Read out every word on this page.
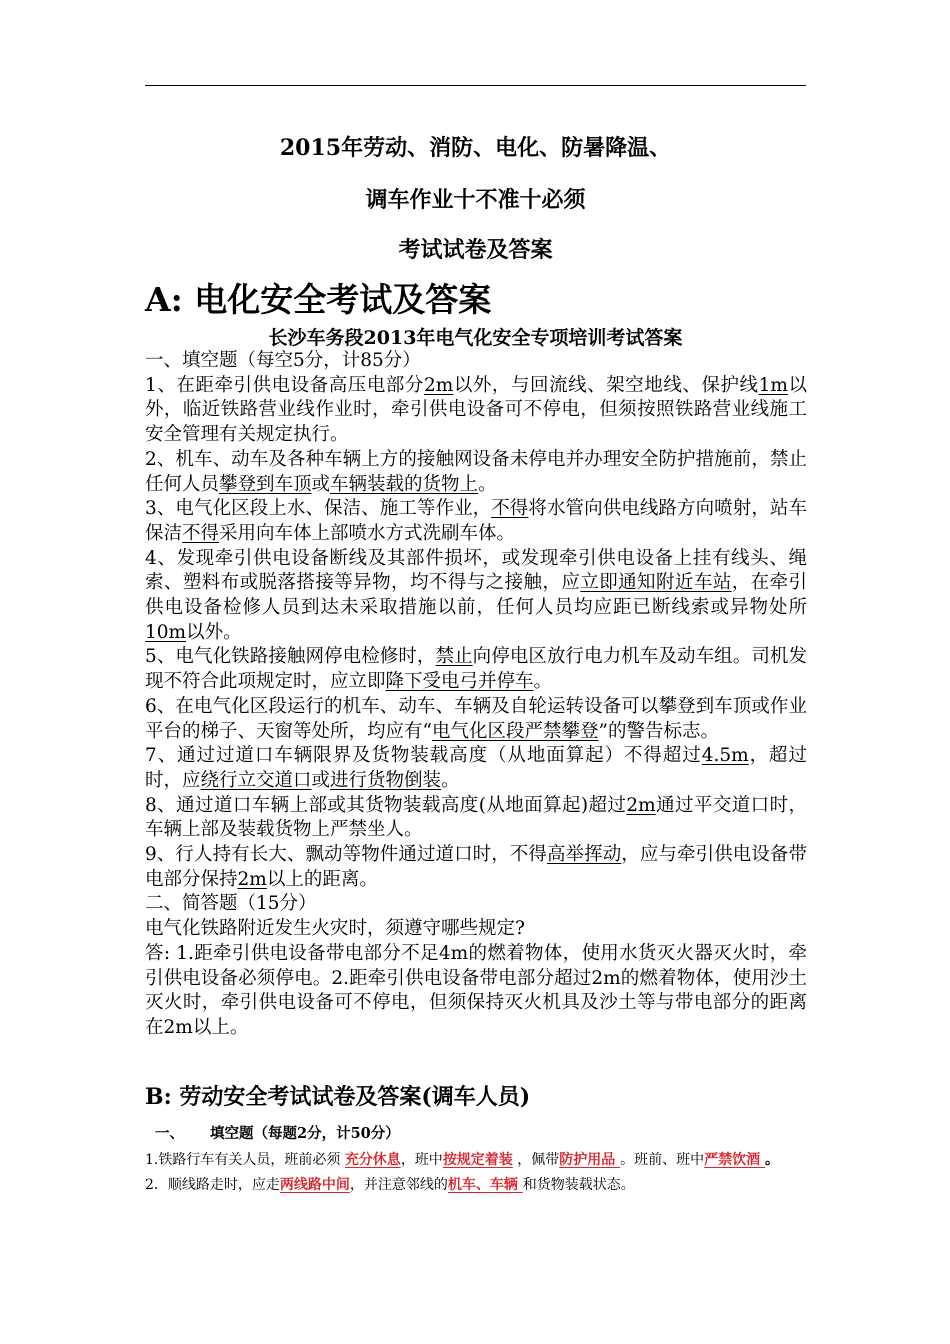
2015年劳动、消防、电化、防暑降温、
调车作业十不准十必须
考试试卷及答案
A: 电化安全考试及答案
长沙车务段2013年电气化安全专项培训考试答案

一、填空题（每空5分，计85分）

1、在距牵引供电设备高压电部分2m以外，与回流线、架空地线、保护线1m以外，临近铁路营业线作业时，牵引供电设备可不停电，但须按照铁路营业线施工安全管理有关规定执行。

2、机车、动车及各种车辆上方的接触网设备未停电并办理安全防护措施前，禁止任何人员攀登到车顶或车辆装载的货物上。

3、电气化区段上水、保洁、施工等作业，不得将水管向供电线路方向喷射，站车保洁不得采用向车体上部喷水方式洗刷车体。

4、发现牵引供电设备断线及其部件损坏，或发现牵引供电设备上挂有线头、绳索、塑料布或脱落搭接等异物，均不得与之接触，应立即通知附近车站，在牵引供电设备检修人员到达未采取措施以前，任何人员均应距已断线索或异物处所10m以外。

5、电气化铁路接触网停电检修时，禁止向停电区放行电力机车及动车组。司机发现不符合此项规定时，应立即降下受电弓并停车。

6、在电气化区段运行的机车、动车、车辆及自轮运转设备可以攀登到车顶或作业平台的梯子、天窗等处所，均应有“电气化区段严禁攀登”的警告标志。

7、通过过道口车辆限界及货物装载高度（从地面算起）不得超过4.5m，超过时，应绕行立交道口或进行货物倒装。

8、通过道口车辆上部或其货物装载高度(从地面算起)超过2m通过平交道口时，车辆上部及装载货物上严禁坐人。

9、行人持有长大、飘动等物件通过道口时，不得高举挥动，应与牵引供电设备带电部分保持2m以上的距离。

二、简答题（15分）

电气化铁路附近发生火灾时，须遵守哪些规定?

答: 1.距牵引供电设备带电部分不足4m的燃着物体，使用水货灭火器灭火时，牵引供电设备必须停电。2.距牵引供电设备带电部分超过2m的燃着物体，使用沙土灭火时，牵引供电设备可不停电，但须保持灭火机具及沙土等与带电部分的距离在2m以上。

B: 劳动安全考试试卷及答案(调车人员)

一、 填空题（每题2分，计50分）

1.铁路行车有关人员，班前必须 充分休息，班中按规定着装 ，佩带防护用品 。班前、班中严禁饮酒 。

2．顺线路走时，应走两线路中间，并注意邻线的机车、车辆 和货物装载状态。
